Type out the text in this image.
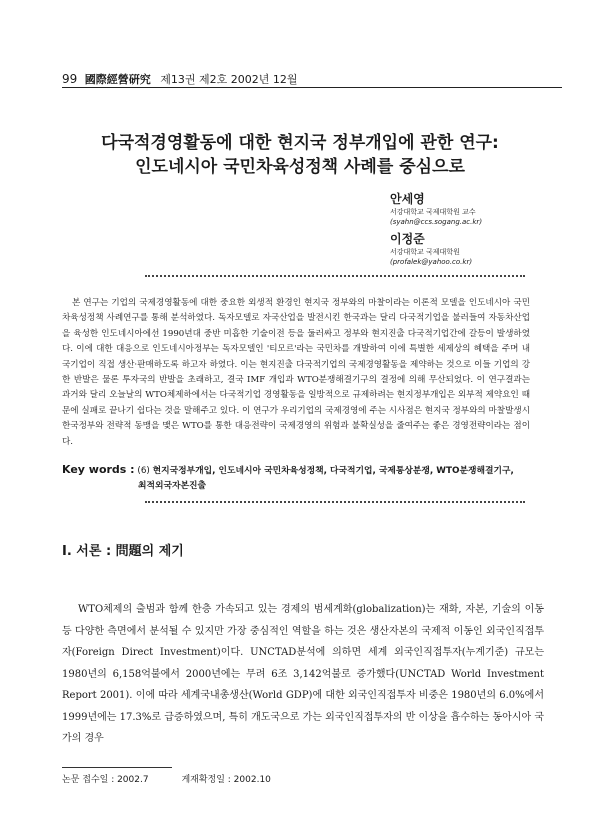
99 國際經營硏究 제13권 제2호 2002년 12월
다국적경영활동에 대한 현지국 정부개입에 관한 연구:
인도네시아 국민차육성정책 사례를 중심으로
안세영
서강대학교 국제대학원 교수
(syahn@ccs.sogang.ac.kr)
이정준
서강대학교 국제대학원
(profalek@yahoo.co.kr)

본 연구는 기업의 국제경영활동에 대한 중요한 외생적 환경인 현지국 정부와의 마찰이라는 이론적 모델을 인도네시아 국민차육성정책 사례연구를 통해 분석하였다. 독자모델로 자국산업을 발전시킨 한국과는 달리 다국적기업을 불러들여 자동차산업을 육성한 인도네시아에선 1990년대 중반 미흡한 기술이전 등을 둘러싸고 정부와 현지진출 다국적기업간에 갈등이 발생하였다. 이에 대한 대응으로 인도네시아정부는 독자모델인 '티모르'라는 국민차를 개발하여 이에 특별한 세제상의 혜택을 주며 내국기업이 직접 생산·판매하도록 하고자 하였다. 이는 현지진출 다국적기업의 국제경영활동을 제약하는 것으로 이들 기업의 강한 반발은 물론 투자국의 반발을 초래하고, 결국 IMF 개입과 WTO분쟁해결기구의 결정에 의해 무산되었다. 이 연구결과는 과거와 달리 오늘날의 WTO체제하에서는 다국적기업 경영활동을 일방적으로 규제하려는 현지정부개입은 외부적 제약요인 때문에 실패로 끝나기 쉽다는 것을 말해주고 있다. 이 연구가 우리기업의 국제경영에 주는 시사점은 현지국 정부와의 마찰발생시 한국정부와 전략적 동맹을 맺은 WTO를 통한 대응전략이 국제경영의 위험과 불확실성을 줄여주는 좋은 경영전략이라는 점이다.

Key words : (6) 현지국정부개입, 인도네시아 국민차육성정책, 다국적기업, 국제통상분쟁, WTO분쟁해결기구,
최적외국자본진출
Ⅰ. 서론 : 問題의 제기

WTO체제의 출범과 함께 한층 가속되고 있는 경제의 범세계화(globalization)는 재화, 자본, 기술의 이동 등 다양한 측면에서 분석될 수 있지만 가장 중심적인 역할을 하는 것은 생산자본의 국제적 이동인 외국인직접투자(Foreign Direct Investment)이다. UNCTAD분석에 의하면 세계 외국인직접투자(누계기준) 규모는 1980년의 6,158억불에서 2000년에는 무려 6조 3,142억불로 증가했다(UNCTAD World Investment Report 2001). 이에 따라 세계국내총생산(World GDP)에 대한 외국인직접투자 비중은 1980년의 6.0%에서 1999년에는 17.3%로 급증하였으며, 특히 개도국으로 가는 외국인직접투자의 반 이상을 흡수하는 동아시아 국가의 경우

논문 접수일 : 2002.7	게재확정일 : 2002.10
